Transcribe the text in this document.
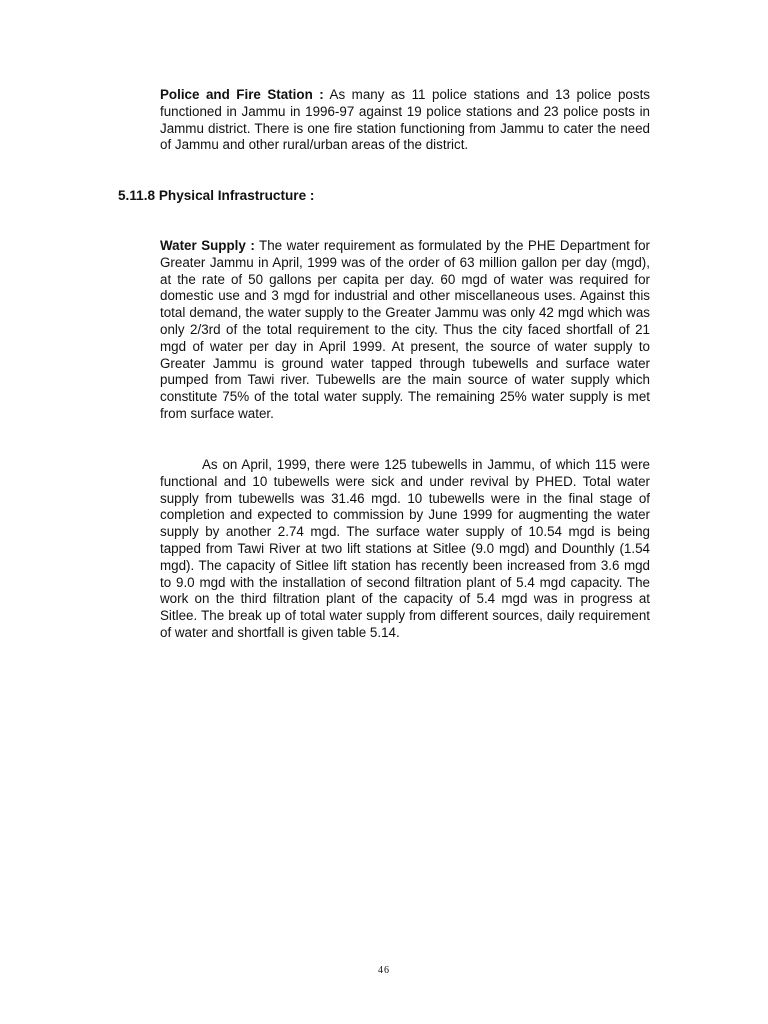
Police and Fire Station : As many as 11 police stations and 13 police posts functioned in Jammu in 1996-97 against 19 police stations and 23 police posts in Jammu district. There is one fire station functioning from Jammu to cater the need of Jammu and other rural/urban areas of the district.

5.11.8 Physical Infrastructure :

Water Supply : The water requirement as formulated by the PHE Department for Greater Jammu in April, 1999 was of the order of 63 million gallon per day (mgd), at the rate of 50 gallons per capita per day. 60 mgd of water was required for domestic use and 3 mgd for industrial and other miscellaneous uses. Against this total demand, the water supply to the Greater Jammu was only 42 mgd which was only 2/3rd of the total requirement to the city. Thus the city faced shortfall of 21 mgd of water per day in April 1999. At present, the source of water supply to Greater Jammu is ground water tapped through tubewells and surface water pumped from Tawi river. Tubewells are the main source of water supply which constitute 75% of the total water supply. The remaining 25% water supply is met from surface water.

As on April, 1999, there were 125 tubewells in Jammu, of which 115 were functional and 10 tubewells were sick and under revival by PHED. Total water supply from tubewells was 31.46 mgd. 10 tubewells were in the final stage of completion and expected to commission by June 1999 for augmenting the water supply by another 2.74 mgd. The surface water supply of 10.54 mgd is being tapped from Tawi River at two lift stations at Sitlee (9.0 mgd) and Dounthly (1.54 mgd). The capacity of Sitlee lift station has recently been increased from 3.6 mgd to 9.0 mgd with the installation of second filtration plant of 5.4 mgd capacity. The work on the third filtration plant of the capacity of 5.4 mgd was in progress at Sitlee. The break up of total water supply from different sources, daily requirement of water and shortfall is given table 5.14.

46
